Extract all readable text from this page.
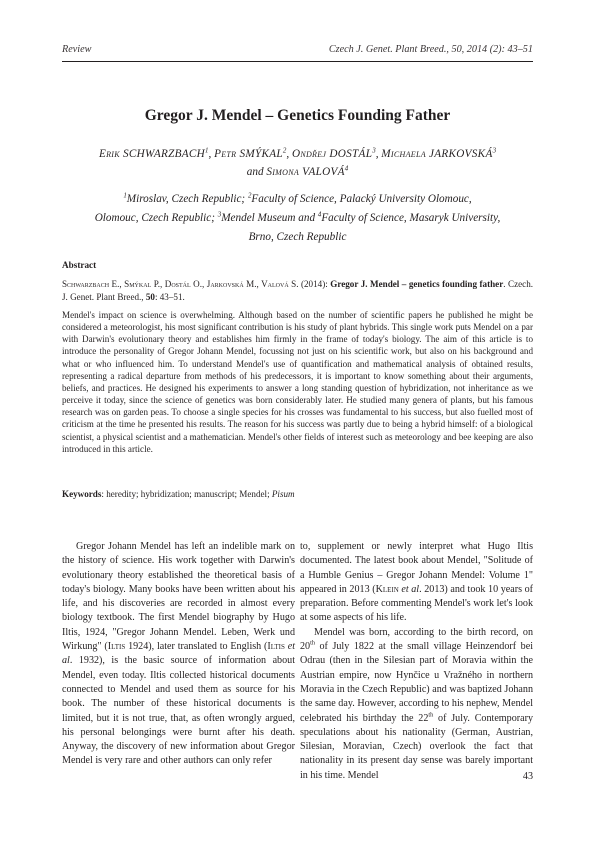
Review	Czech J. Genet. Plant Breed., 50, 2014 (2): 43–51
Gregor J. Mendel – Genetics Founding Father
Erik SCHWARZBACH$^1$, Petr SMÝKAL$^2$, Ondřej DOSTÁL$^3$, Michaela JARKOVSKÁ$^3$
and Simona VALOVÁ$^4$
$^1$Miroslav, Czech Republic; $^2$Faculty of Science, Palacký University Olomouc,
Olomouc, Czech Republic; $^3$Mendel Museum and $^4$Faculty of Science, Masaryk University,
Brno, Czech Republic
Abstract
Schwarzbach E., Smýkal P., Dostál O., Jarkovská M., Valová S. (2014): Gregor J. Mendel – genetics founding father. Czech. J. Genet. Plant Breed., 50: 43–51.
Mendel's impact on science is overwhelming. Although based on the number of scientific papers he published he might be considered a meteorologist, his most significant contribution is his study of plant hybrids. This single work puts Mendel on a par with Darwin's evolutionary theory and establishes him firmly in the frame of today's biology. The aim of this article is to introduce the personality of Gregor Johann Mendel, focussing not just on his scientific work, but also on his background and what or who influenced him. To understand Mendel's use of quantification and mathematical analysis of obtained results, representing a radical departure from methods of his predecessors, it is important to know something about their arguments, beliefs, and practices. He designed his experiments to answer a long standing question of hybridization, not inheritance as we perceive it today, since the science of genetics was born considerably later. He studied many genera of plants, but his famous research was on garden peas. To choose a single species for his crosses was fundamental to his success, but also fuelled most of criticism at the time he presented his results. The reason for his success was partly due to being a hybrid himself: of a biological scientist, a physical scientist and a mathematician. Mendel's other fields of interest such as meteorology and bee keeping are also introduced in this article.
Keywords: heredity; hybridization; manuscript; Mendel; Pisum

Gregor Johann Mendel has left an indelible mark on the history of science. His work together with Darwin's evolutionary theory established the theoretical basis of today's biology. Many books have been written about his life, and his discoveries are recorded in almost every biology textbook. The first Mendel biography by Hugo Iltis, 1924, "Gregor Johann Mendel. Leben, Werk und Wirkung" (Iltis 1924), later translated to English (Iltis et al. 1932), is the basic source of information about Mendel, even today. Iltis collected historical documents connected to Mendel and used them as source for his book. The number of these historical documents is limited, but it is not true, that, as often wrongly argued, his personal belongings were burnt after his death. Anyway, the discovery of new information about Gregor Mendel is very rare and other authors can only refer

to, supplement or newly interpret what Hugo Iltis documented. The latest book about Mendel, "Solitude of a Humble Genius – Gregor Johann Mendel: Volume 1" appeared in 2013 (Klein et al. 2013) and took 10 years of preparation. Before commenting Mendel's work let's look at some aspects of his life.

Mendel was born, according to the birth record, on 20th of July 1822 at the small village Heinzendorf bei Odrau (then in the Silesian part of Moravia within the Austrian empire, now Hynčice u Vražného in northern Moravia in the Czech Republic) and was baptized Johann the same day. However, according to his nephew, Mendel celebrated his birthday the 22th of July. Contemporary speculations about his nationality (German, Austrian, Silesian, Moravian, Czech) overlook the fact that nationality in its present day sense was barely important in his time. Mendel	43
